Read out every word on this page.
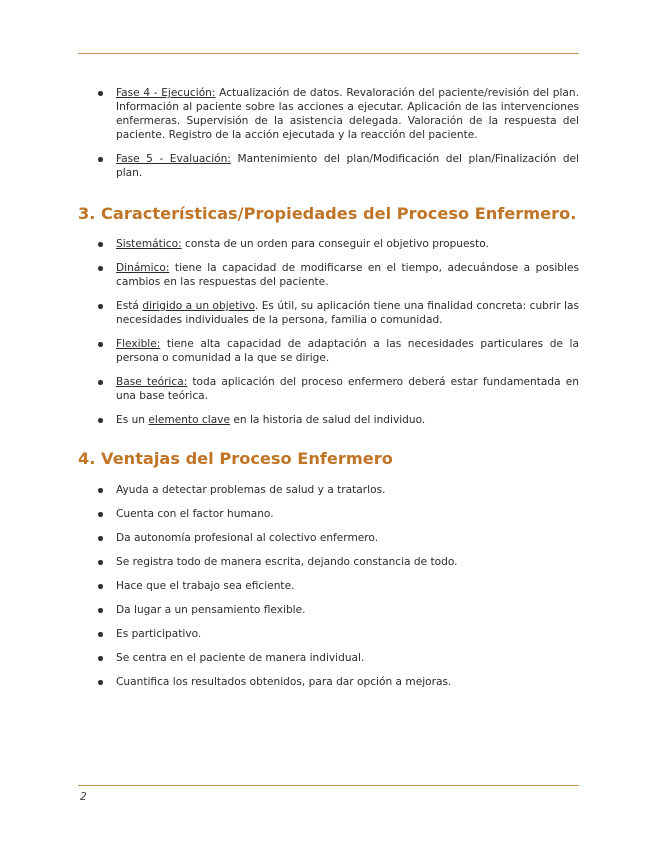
Fase 4 - Ejecución: Actualización de datos. Revaloración del paciente/revisión del plan. Información al paciente sobre las acciones a ejecutar. Aplicación de las intervenciones enfermeras. Supervisión de la asistencia delegada. Valoración de la respuesta del paciente. Registro de la acción ejecutada y la reacción del paciente.
Fase 5 - Evaluación: Mantenimiento del plan/Modificación del plan/Finalización del plan.
3. Características/Propiedades del Proceso Enfermero.
Sistemático: consta de un orden para conseguir el objetivo propuesto.
Dinámico: tiene la capacidad de modificarse en el tiempo, adecuándose a posibles cambios en las respuestas del paciente.
Está dirigido a un objetivo. Es útil, su aplicación tiene una finalidad concreta: cubrir las necesidades individuales de la persona, familia o comunidad.
Flexible: tiene alta capacidad de adaptación a las necesidades particulares de la persona o comunidad a la que se dirige.
Base teórica: toda aplicación del proceso enfermero deberá estar fundamentada en una base teórica.
Es un elemento clave en la historia de salud del individuo.
4. Ventajas del Proceso Enfermero
Ayuda a detectar problemas de salud y a tratarlos.
Cuenta con el factor humano.
Da autonomía profesional al colectivo enfermero.
Se registra todo de manera escrita, dejando constancia de todo.
Hace que el trabajo sea eficiente.
Da lugar a un pensamiento flexible.
Es participativo.
Se centra en el paciente de manera individual.
Cuantifica los resultados obtenidos, para dar opción a mejoras.
2
